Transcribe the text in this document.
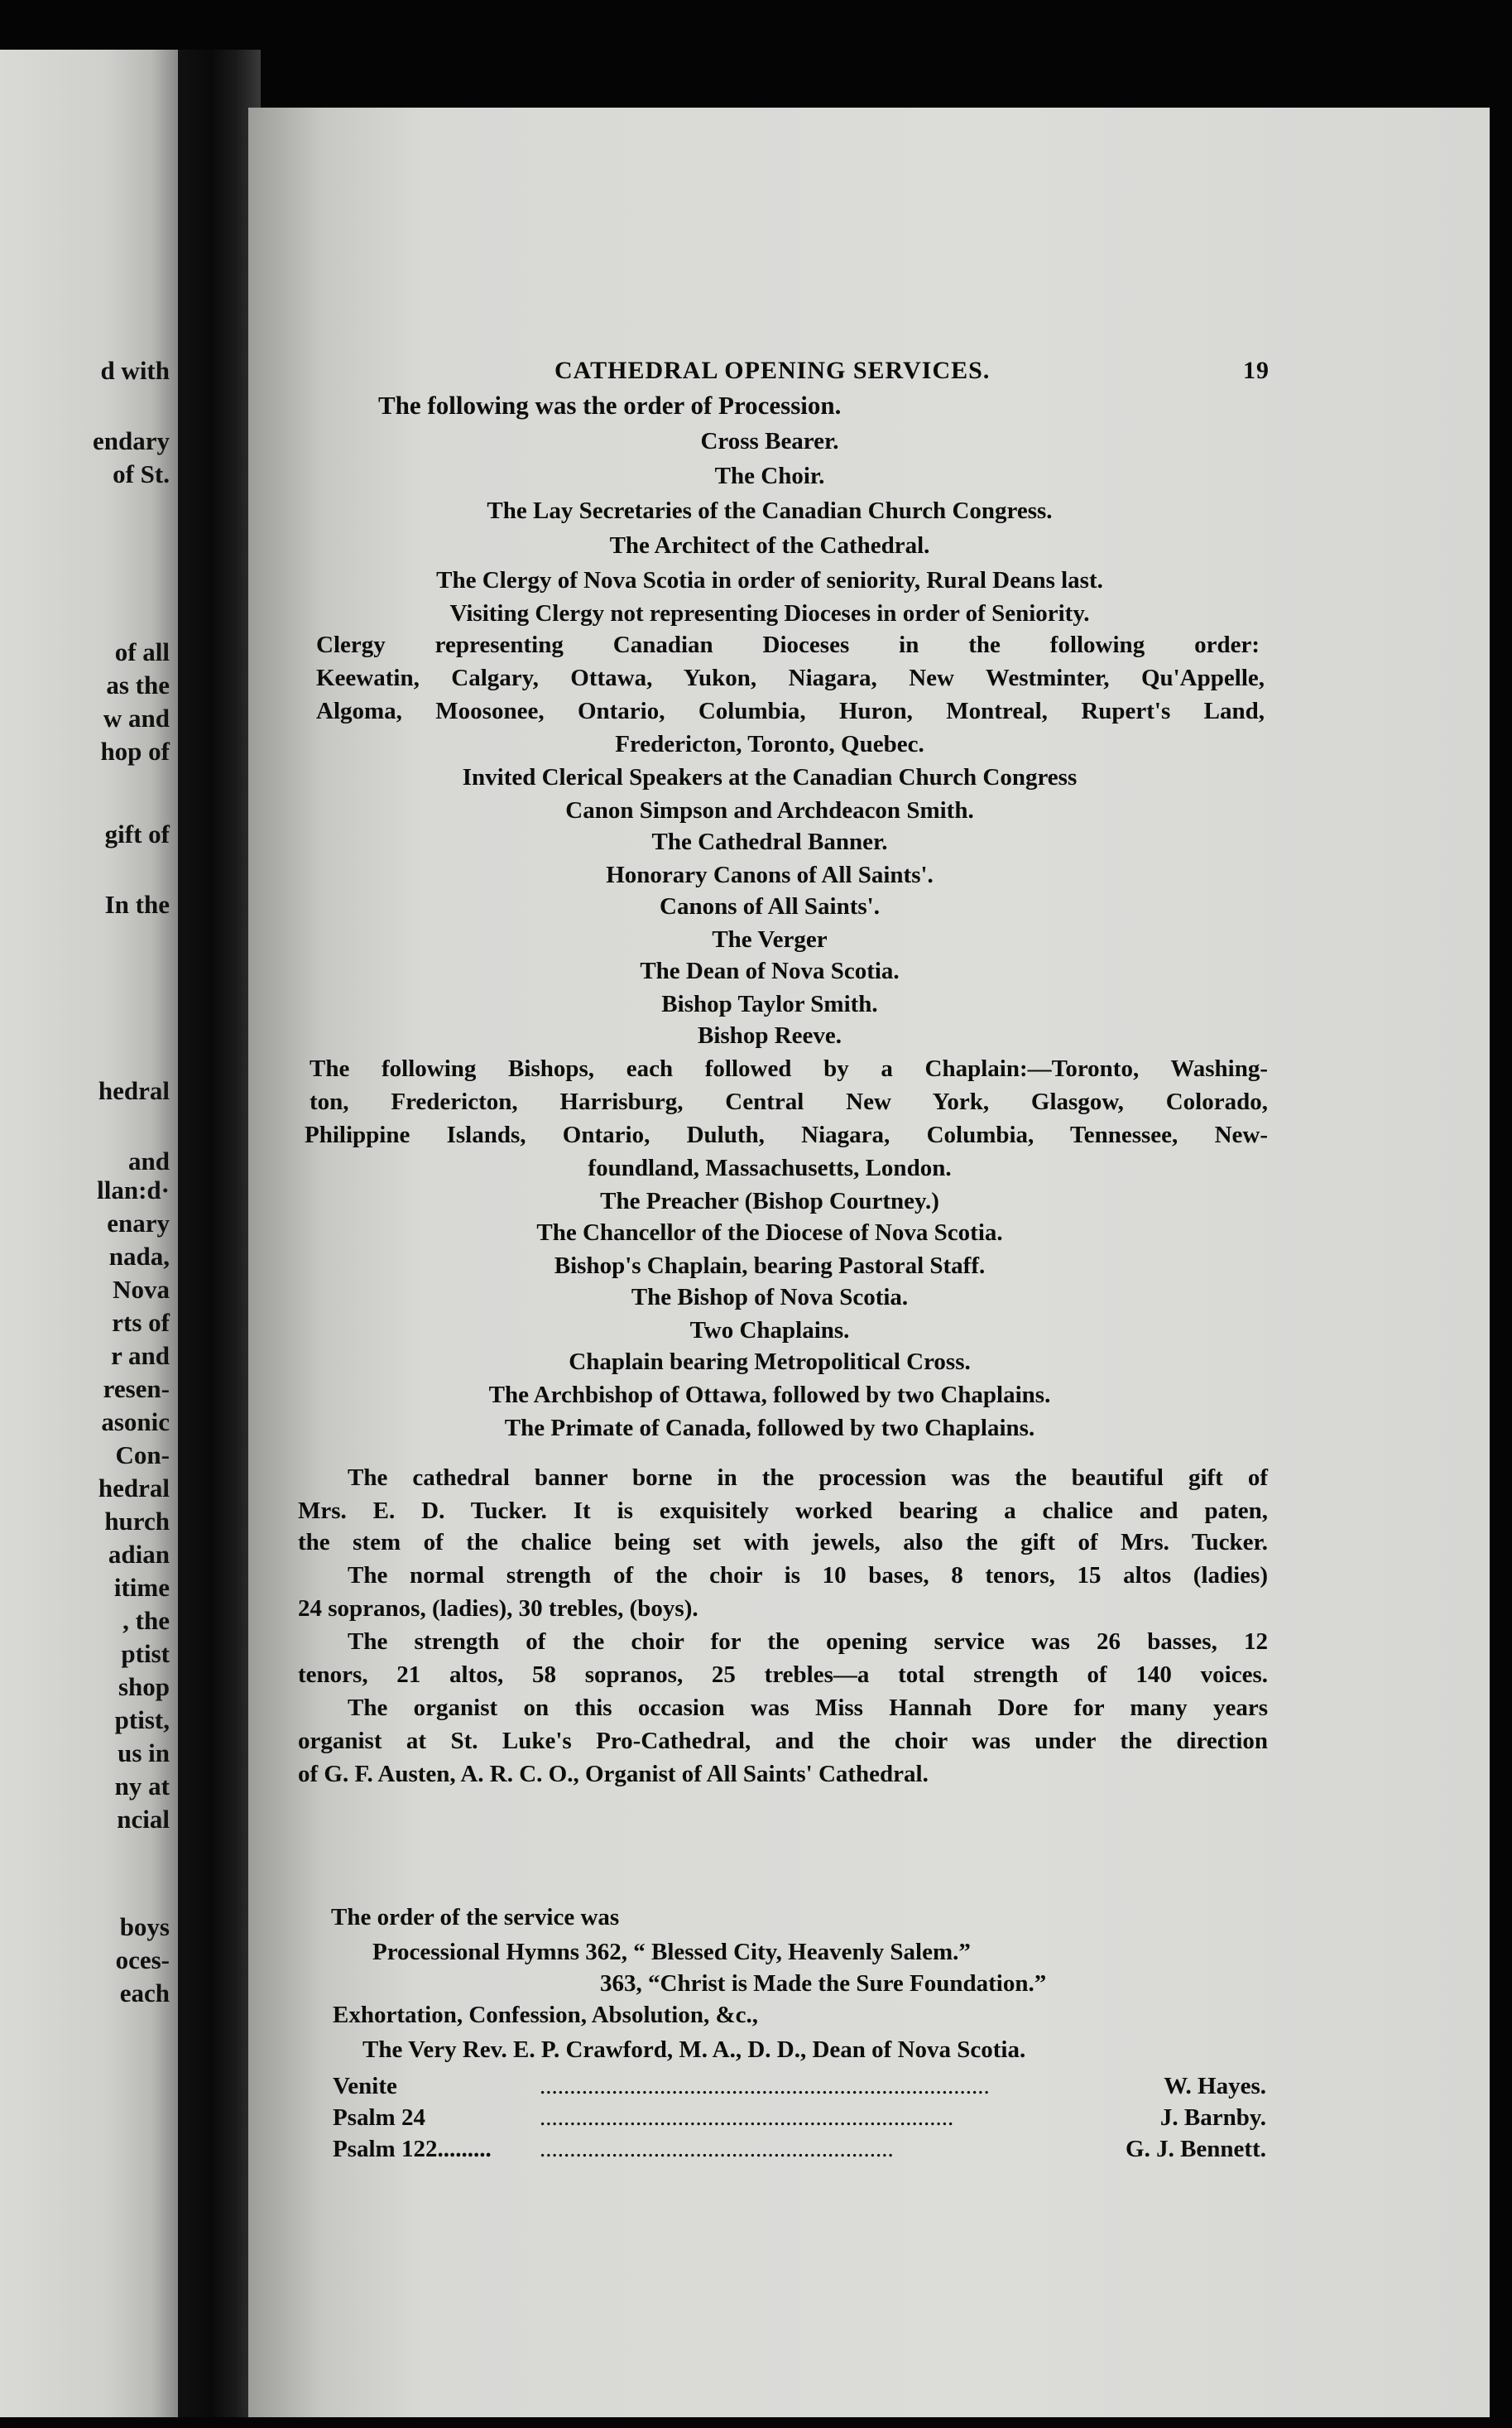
d with
endary
of St.
of all
as the
w and
hop of
gift of
In the
hedral
and
llan:d·
enary
nada,
Nova
rts of
r and
resen-
asonic
Con-
hedral
hurch
adian
itime
, the
ptist
shop
ptist,
us in
ny at
ncial
boys
oces-
each
CATHEDRAL OPENING SERVICES.	19
The following was the order of Procession.
Processional Hymns 362, “ Blessed City, Heavenly Salem.”
363, “Christ is Made the Sure Foundation.”
Exhortation, Confession, Absolution, &c.,
The Very Rev. E. P. Crawford, M. A., D. D., Dean of Nova Scotia.
Cross Bearer.
The Choir.
The Lay Secretaries of the Canadian Church Congress.
The Architect of the Cathedral.
The Clergy of Nova Scotia in order of seniority, Rural Deans last.
Visiting Clergy not representing Dioceses in order of Seniority.
Clergy representing Canadian Dioceses in the following order:
Keewatin, Calgary, Ottawa, Yukon, Niagara, New Westminter, Qu'Appelle,
Algoma, Moosonee, Ontario, Columbia, Huron, Montreal, Rupert's Land,
Fredericton, Toronto, Quebec.
Invited Clerical Speakers at the Canadian Church Congress
Canon Simpson and Archdeacon Smith.
The Cathedral Banner.
Honorary Canons of All Saints'.
Canons of All Saints'.
The Verger
The Dean of Nova Scotia.
Bishop Taylor Smith.
Bishop Reeve.
The following Bishops, each followed by a Chaplain:—Toronto, Washing-
ton, Fredericton, Harrisburg, Central New York, Glasgow, Colorado,
Philippine Islands, Ontario, Duluth, Niagara, Columbia, Tennessee, New-
foundland, Massachusetts, London.
The Preacher (Bishop Courtney.)
The Chancellor of the Diocese of Nova Scotia.
Bishop's Chaplain, bearing Pastoral Staff.
The Bishop of Nova Scotia.
Two Chaplains.
Chaplain bearing Metropolitical Cross.
The Archbishop of Ottawa, followed by two Chaplains.
The Primate of Canada, followed by two Chaplains.
The cathedral banner borne in the procession was the beautiful gift of
Mrs. E. D. Tucker. It is exquisitely worked bearing a chalice and paten,
the stem of the chalice being set with jewels, also the gift of Mrs. Tucker.
The normal strength of the choir is 10 bases, 8 tenors, 15 altos (ladies)
24 sopranos, (ladies), 30 trebles, (boys).
The strength of the choir for the opening service was 26 basses, 12
tenors, 21 altos, 58 sopranos, 25 trebles—a total strength of 140 voices.
The organist on this occasion was Miss Hannah Dore for many years
organist at St. Luke's Pro-Cathedral, and the choir was under the direction
of G. F. Austen, A. R. C. O., Organist of All Saints' Cathedral.
The order of the service was
Venite	...........................................................................	W. Hayes.
Psalm 24	.....................................................................	J. Barnby.
Psalm 122.........	...........................................................	G. J. Bennett.
